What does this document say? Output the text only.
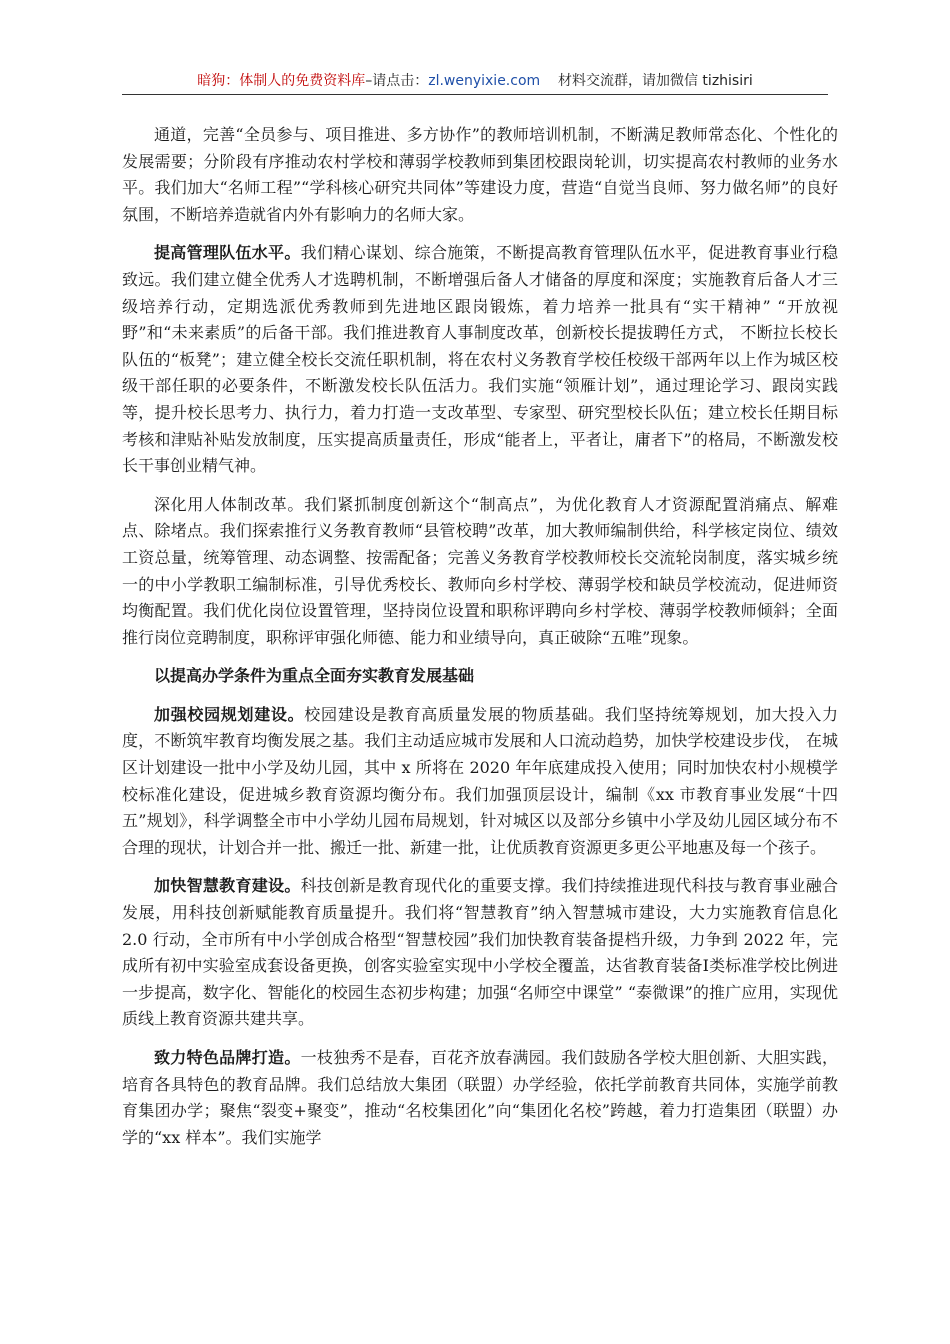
暗狗：体制人的免费资料库–请点击：zl.wenyixie.com 材料交流群，请加微信 tizhisiri

通道，完善“全员参与、项目推进、多方协作”的教师培训机制，不断满足教师常态化、个性化的发展需要；分阶段有序推动农村学校和薄弱学校教师到集团校跟岗轮训，切实提高农村教师的业务水平。我们加大“名师工程”“学科核心研究共同体”等建设力度，营造“自觉当良师、努力做名师”的良好氛围，不断培养造就省内外有影响力的名师大家。

提高管理队伍水平。我们精心谋划、综合施策，不断提高教育管理队伍水平，促进教育事业行稳致远。我们建立健全优秀人才选聘机制，不断增强后备人才储备的厚度和深度；实施教育后备人才三级培养行动，定期选派优秀教师到先进地区跟岗锻炼，着力培养一批具有“实干精神” “开放视野”和“未来素质”的后备干部。我们推进教育人事制度改革，创新校长提拔聘任方式， 不断拉长校长队伍的“板凳”；建立健全校长交流任职机制，将在农村义务教育学校任校级干部两年以上作为城区校级干部任职的必要条件，不断激发校长队伍活力。我们实施“领雁计划”，通过理论学习、跟岗实践等，提升校长思考力、执行力，着力打造一支改革型、专家型、研究型校长队伍；建立校长任期目标考核和津贴补贴发放制度，压实提高质量责任，形成“能者上，平者让，庸者下”的格局，不断激发校长干事创业精气神。

深化用人体制改革。我们紧抓制度创新这个“制高点”，为优化教育人才资源配置消痛点、解难点、除堵点。我们探索推行义务教育教师“县管校聘”改革，加大教师编制供给，科学核定岗位、绩效工资总量，统筹管理、动态调整、按需配备；完善义务教育学校教师校长交流轮岗制度，落实城乡统一的中小学教职工编制标准，引导优秀校长、教师向乡村学校、薄弱学校和缺员学校流动，促进师资均衡配置。我们优化岗位设置管理，坚持岗位设置和职称评聘向乡村学校、薄弱学校教师倾斜；全面推行岗位竞聘制度，职称评审强化师德、能力和业绩导向，真正破除“五唯”现象。

以提高办学条件为重点全面夯实教育发展基础

加强校园规划建设。校园建设是教育高质量发展的物质基础。我们坚持统筹规划，加大投入力度，不断筑牢教育均衡发展之基。我们主动适应城市发展和人口流动趋势，加快学校建设步伐， 在城区计划建设一批中小学及幼儿园，其中 x 所将在 2020 年年底建成投入使用；同时加快农村小规模学校标准化建设，促进城乡教育资源均衡分布。我们加强顶层设计，编制《xx 市教育事业发展“十四五”规划》，科学调整全市中小学幼儿园布局规划，针对城区以及部分乡镇中小学及幼儿园区域分布不合理的现状，计划合并一批、搬迁一批、新建一批，让优质教育资源更多更公平地惠及每一个孩子。

加快智慧教育建设。科技创新是教育现代化的重要支撑。我们持续推进现代科技与教育事业融合发展，用科技创新赋能教育质量提升。我们将“智慧教育”纳入智慧城市建设，大力实施教育信息化 2.0 行动，全市所有中小学创成合格型“智慧校园”我们加快教育装备提档升级，力争到 2022 年，完成所有初中实验室成套设备更换，创客实验室实现中小学校全覆盖，达省教育装备Ⅰ类标准学校比例进一步提高，数字化、智能化的校园生态初步构建；加强“名师空中课堂” “泰微课”的推广应用，实现优质线上教育资源共建共享。

致力特色品牌打造。一枝独秀不是春，百花齐放春满园。我们鼓励各学校大胆创新、大胆实践，培育各具特色的教育品牌。我们总结放大集团（联盟）办学经验，依托学前教育共同体，实施学前教育集团办学；聚焦“裂变+聚变”，推动“名校集团化”向“集团化名校”跨越，着力打造集团（联盟）办学的“xx 样本”。我们实施学
